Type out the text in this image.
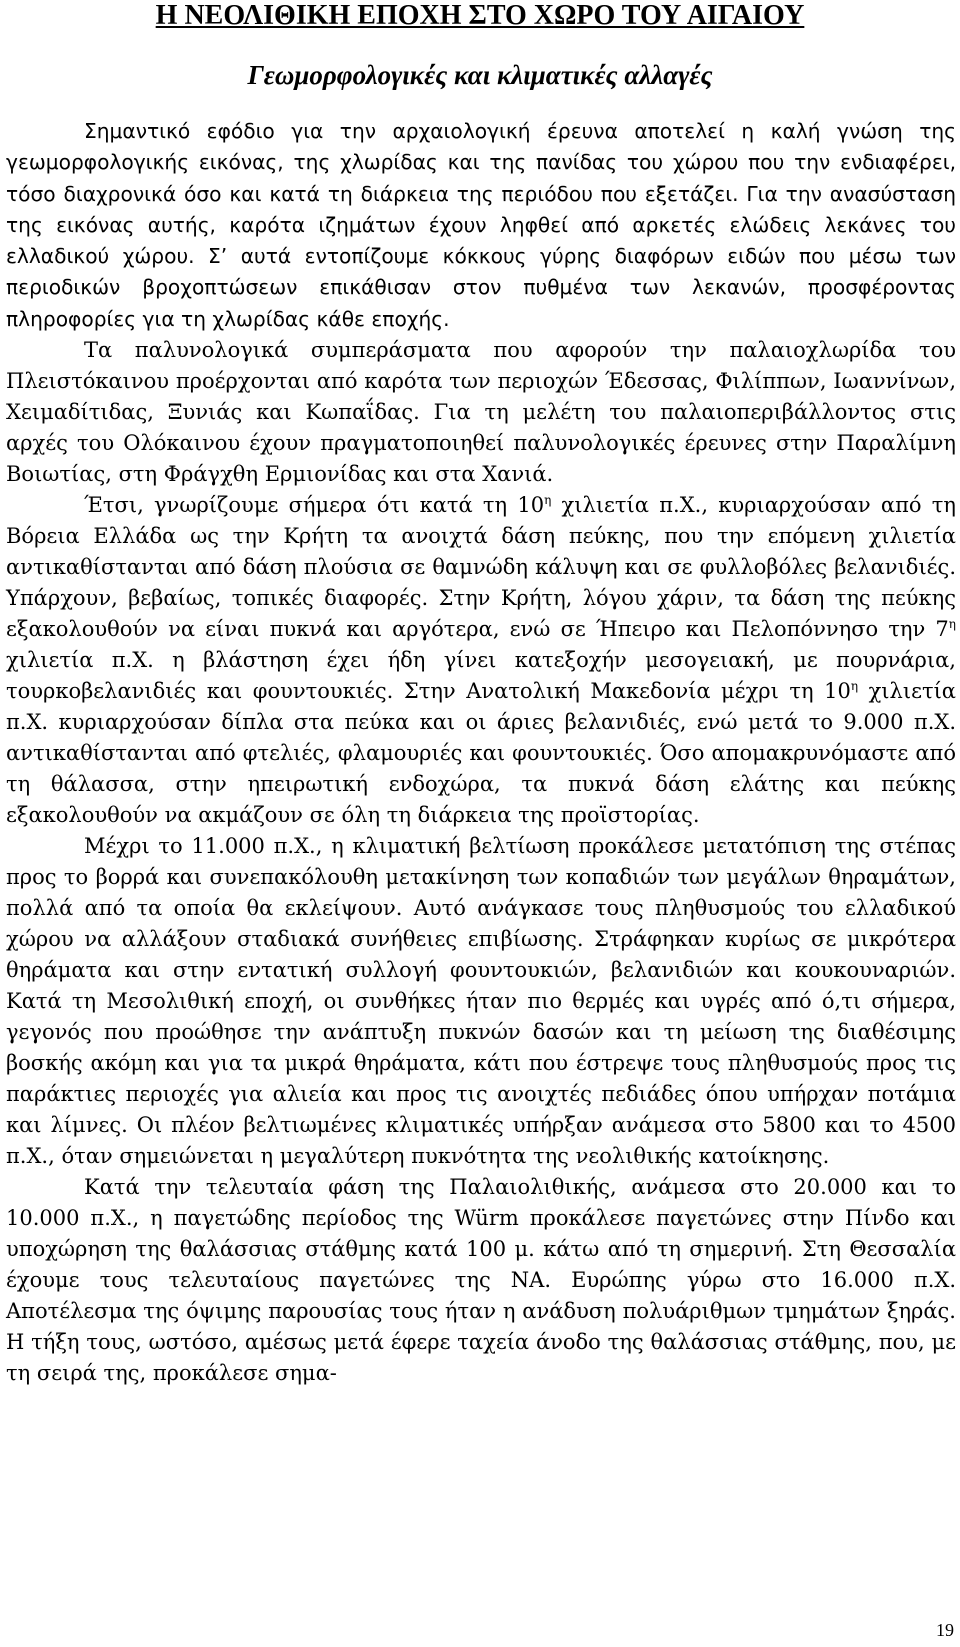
Η ΝΕΟΛΙΘΙΚΗ ΕΠΟΧΗ ΣΤΟ ΧΩΡΟ ΤΟΥ ΑΙΓΑΙΟΥ
Γεωμορφολογικές και κλιματικές αλλαγές

Σημαντικό εφόδιο για την αρχαιολογική έρευνα αποτελεί η καλή γνώση της γεωμορφολογικής εικόνας, της χλωρίδας και της πανίδας του χώρου που την ενδιαφέρει, τόσο διαχρονικά όσο και κατά τη διάρκεια της περιόδου που εξετάζει. Για την ανασύσταση της εικόνας αυτής, καρότα ιζημάτων έχουν ληφθεί από αρκετές ελώδεις λεκάνες του ελλαδικού χώρου. Σ’ αυτά εντοπίζουμε κόκκους γύρης διαφόρων ειδών που μέσω των περιοδικών βροχοπτώσεων επικάθισαν στον πυθμένα των λεκανών, προσφέροντας πληροφορίες για τη χλωρίδας κάθε εποχής.

Τα παλυνολογικά συμπεράσματα που αφορούν την παλαιοχλωρίδα του Πλειστόκαινου προέρχονται από καρότα των περιοχών Έδεσσας, Φιλίππων, Ιωαννίνων, Χειμαδίτιδας, Ξυνιάς και Κωπαΐδας. Για τη μελέτη του παλαιοπεριβάλλοντος στις αρχές του Ολόκαινου έχουν πραγματοποιηθεί παλυνολογικές έρευνες στην Παραλίμνη Βοιωτίας, στη Φράγχθη Ερμιονίδας και στα Χανιά.

Έτσι, γνωρίζουμε σήμερα ότι κατά τη $10^\eta$ χιλιετία π.Χ., κυριαρχούσαν από τη Βόρεια Ελλάδα ως την Κρήτη τα ανοιχτά δάση πεύκης, που την επόμενη χιλιετία αντικαθίστανται από δάση πλούσια σε θαμνώδη κάλυψη και σε φυλλοβόλες βελανιδιές. Υπάρχουν, βεβαίως, τοπικές διαφορές. Στην Κρήτη, λόγου χάριν, τα δάση της πεύκης εξακολουθούν να είναι πυκνά και αργότερα, ενώ σε Ήπειρο και Πελοπόννησο την $7^\eta$ χιλιετία π.Χ. η βλάστηση έχει ήδη γίνει κατεξοχήν μεσογειακή, με πουρνάρια, τουρκοβελανιδιές και φουντουκιές. Στην Ανατολική Μακεδονία μέχρι τη $10^\eta$ χιλιετία π.Χ. κυριαρχούσαν δίπλα στα πεύκα και οι άριες βελανιδιές, ενώ μετά το 9.000 π.Χ. αντικαθίστανται από φτελιές, φλαμουριές και φουντουκιές. Όσο απομακρυνόμαστε από τη θάλασσα, στην ηπειρωτική ενδοχώρα, τα πυκνά δάση ελάτης και πεύκης εξακολουθούν να ακμάζουν σε όλη τη διάρκεια της προϊστορίας.

Μέχρι το 11.000 π.Χ., η κλιματική βελτίωση προκάλεσε μετατόπιση της στέπας προς το βορρά και συνεπακόλουθη μετακίνηση των κοπαδιών των μεγάλων θηραμάτων, πολλά από τα οποία θα εκλείψουν. Αυτό ανάγκασε τους πληθυσμούς του ελλαδικού χώρου να αλλάξουν σταδιακά συνήθειες επιβίωσης. Στράφηκαν κυρίως σε μικρότερα θηράματα και στην εντατική συλλογή φουντουκιών, βελανιδιών και κουκουναριών. Κατά τη Μεσολιθική εποχή, οι συνθήκες ήταν πιο θερμές και υγρές από ό,τι σήμερα, γεγονός που προώθησε την ανάπτυξη πυκνών δασών και τη μείωση της διαθέσιμης βοσκής ακόμη και για τα μικρά θηράματα, κάτι που έστρεψε τους πληθυσμούς προς τις παράκτιες περιοχές για αλιεία και προς τις ανοιχτές πεδιάδες όπου υπήρχαν ποτάμια και λίμνες. Οι πλέον βελτιωμένες κλιματικές υπήρξαν ανάμεσα στο 5800 και το 4500 π.Χ., όταν σημειώνεται η μεγαλύτερη πυκνότητα της νεολιθικής κατοίκησης.

Κατά την τελευταία φάση της Παλαιολιθικής, ανάμεσα στο 20.000 και το 10.000 π.Χ., η παγετώδης περίοδος της Würm προκάλεσε παγετώνες στην Πίνδο και υποχώρηση της θαλάσσιας στάθμης κατά 100 μ. κάτω από τη σημερινή. Στη Θεσσαλία έχουμε τους τελευταίους παγετώνες της ΝΑ. Ευρώπης γύρω στο 16.000 π.Χ. Αποτέλεσμα της όψιμης παρουσίας τους ήταν η ανάδυση πολυάριθμων τμημάτων ξηράς. Η τήξη τους, ωστόσο, αμέσως μετά έφερε ταχεία άνοδο της θαλάσσιας στάθμης, που, με τη σειρά της, προκάλεσε σημα-

19
